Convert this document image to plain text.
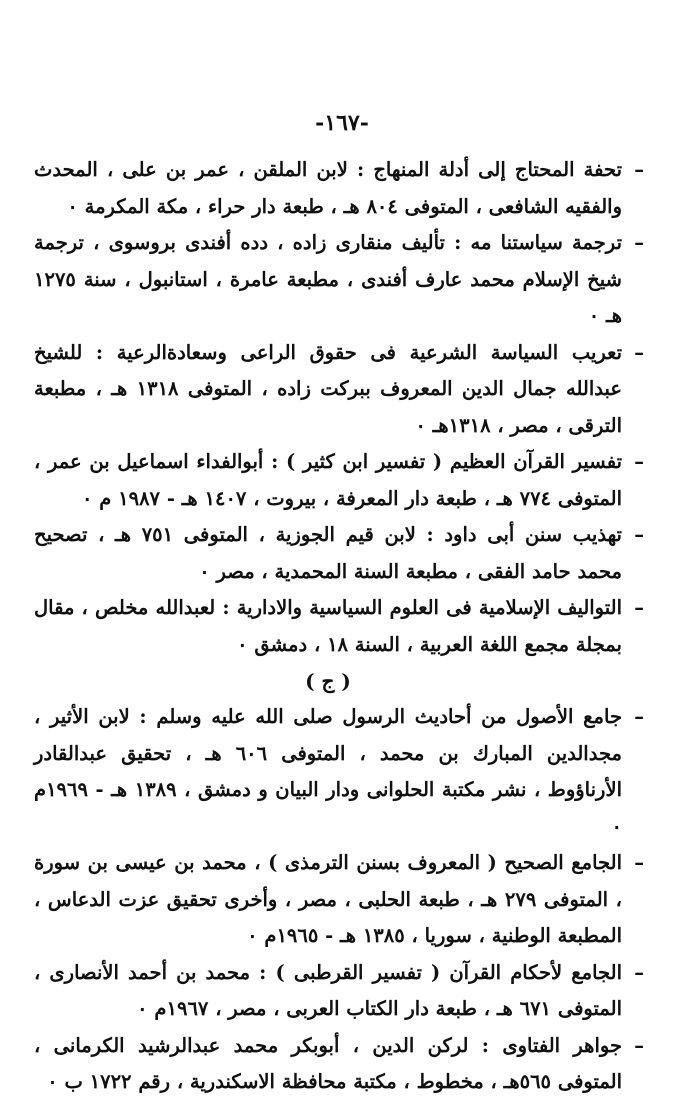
-١٦٧-

–
تحفة المحتاج إلى أدلة المنهاج : لابن الملقن ، عمر بن على ، المحدث والفقيه الشافعى ، المتوفى ٨٠٤ هـ ، طبعة دار حراء ، مكة المكرمة ٠

–
ترجمة سياستنا مه : تأليف منقارى زاده ، دده أفندى بروسوى ، ترجمة شيخ الإسلام محمد عارف أفندى ، مطبعة عامرة ، استانبول ، سنة ١٢٧٥ هـ ٠

–
تعريب السياسة الشرعية فى حقوق الراعى وسعادةالرعية : للشيخ عبدالله جمال الدين المعروف ببركت زاده ، المتوفى ١٣١٨ هـ ، مطبعة الترقى ، مصر ، ١٣١٨هـ ٠

–
تفسير القرآن العظيم ( تفسير ابن كثير ) : أبوالفداء اسماعيل بن عمر ، المتوفى ٧٧٤ هـ ، طبعة دار المعرفة ، بيروت ، ١٤٠٧ هـ - ١٩٨٧ م ٠

–
تهذيب سنن أبى داود : لابن قيم الجوزية ، المتوفى ٧٥١ هـ ، تصحيح محمد حامد الفقى ، مطبعة السنة المحمدية ، مصر ٠

–
التواليف الإسلامية فى العلوم السياسية والادارية : لعبدالله مخلص ، مقال بمجلة مجمع اللغة العربية ، السنة ١٨ ، دمشق ٠

( ج )

–
جامع الأصول من أحاديث الرسول صلى الله عليه وسلم : لابن الأثير ، مجدالدين المبارك بن محمد ، المتوفى ٦٠٦ هـ ، تحقيق عبدالقادر الأرناؤوط ، نشر مكتبة الحلوانى ودار البيان و دمشق ، ١٣٨٩ هـ - ١٩٦٩م ٠

–
الجامع الصحيح ( المعروف بسنن الترمذى ) ، محمد بن عيسى بن سورة ، المتوفى ٢٧٩ هـ ، طبعة الحلبى ، مصر ، وأخرى تحقيق عزت الدعاس ، المطبعة الوطنية ، سوريا ، ١٣٨٥ هـ - ١٩٦٥م ٠

–
الجامع لأحكام القرآن ( تفسير القرطبى ) : محمد بن أحمد الأنصارى ، المتوفى ٦٧١ هـ ، طبعة دار الكتاب العربى ، مصر ، ١٩٦٧م ٠

–
جواهر الفتاوى : لركن الدين ، أبوبكر محمد عبدالرشيد الكرمانى ، المتوفى ٥٦٥هـ ، مخطوط ، مكتبة محافظة الاسكندرية ، رقم ١٧٢٢ ب ٠
